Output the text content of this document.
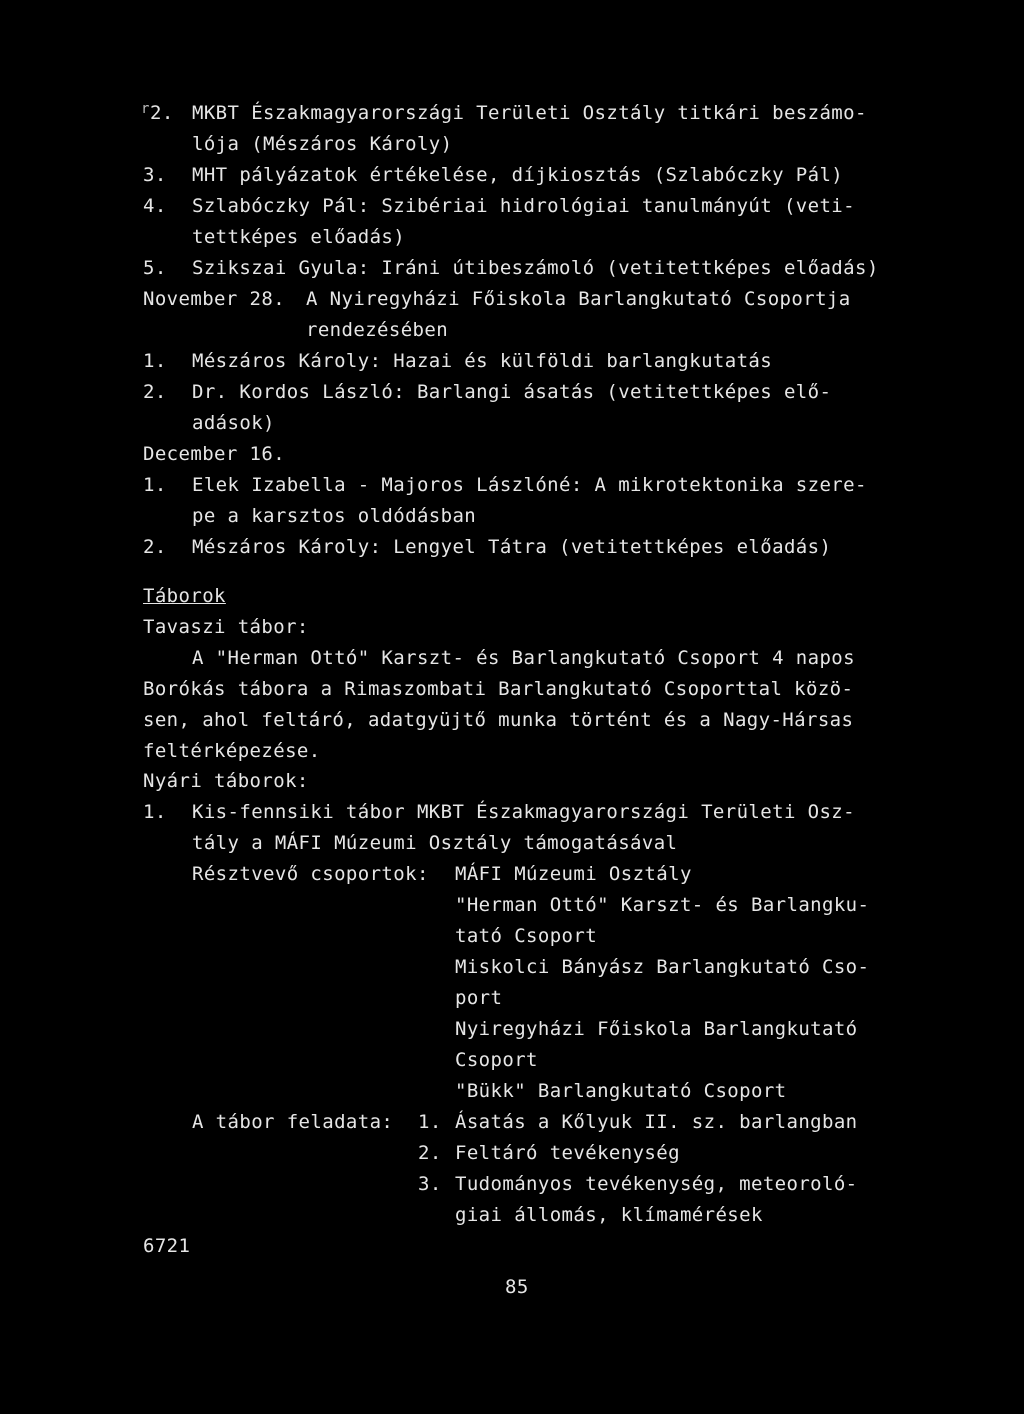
r 2. MKBT Északmagyarországi Területi Osztály titkári beszámo-
lója (Mészáros Károly)
3. MHT pályázatok értékelése, díjkiosztás (Szlabóczky Pál)
4. Szlabóczky Pál: Szibériai hidrológiai tanulmányút (veti-
tettképes előadás)
5. Szikszai Gyula: Iráni útibeszámoló (vetitettképes előadás)
November 28. A Nyiregyházi Főiskola Barlangkutató Csoportja
rendezésében
1. Mészáros Károly: Hazai és külföldi barlangkutatás
2. Dr. Kordos László: Barlangi ásatás (vetitettképes elő-
adások)
December 16.
1. Elek Izabella - Majoros Lászlóné: A mikrotektonika szere-
pe a karsztos oldódásban
2. Mészáros Károly: Lengyel Tátra (vetitettképes előadás)
Táborok
Tavaszi tábor:
A "Herman Ottó" Karszt- és Barlangkutató Csoport 4 napos
Borókás tábora a Rimaszombati Barlangkutató Csoporttal közö-
sen, ahol feltáró, adatgyüjtő munka történt és a Nagy-Hársas
feltérképezése.
Nyári táborok:
1. Kis-fennsiki tábor MKBT Északmagyarországi Területi Osz-
tály a MÁFI Múzeumi Osztály támogatásával
Résztvevő csoportok: MÁFI Múzeumi Osztály
"Herman Ottó" Karszt- és Barlangku-
tató Csoport
Miskolci Bányász Barlangkutató Cso-
port
Nyiregyházi Főiskola Barlangkutató
Csoport
"Bükk" Barlangkutató Csoport
A tábor feladata: 1. Ásatás a Kőlyuk II. sz. barlangban
2. Feltáró tevékenység
3. Tudományos tevékenység, meteoroló-
giai állomás, klímamérések
6721
85
